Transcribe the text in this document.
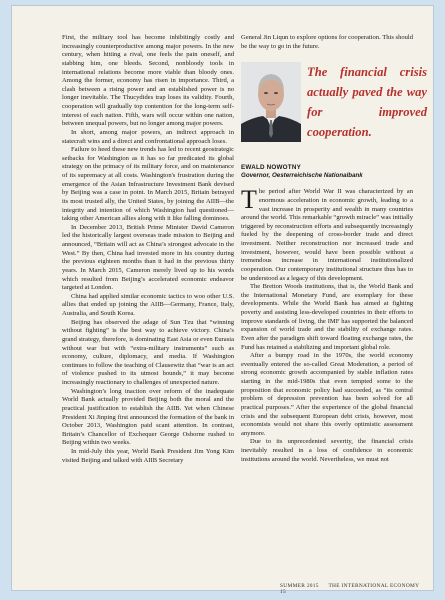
First, the military tool has become inhibitingly costly and increasingly counterproductive among major powers. In the new century, when hitting a rival, one feels the pain oneself, and stabbing him, one bleeds. Second, nonbloody tools in international relations become more viable than bloody ones. Among the former, economy has risen in importance. Third, a clash between a rising power and an established power is no longer inevitable. The Thucydides trap loses its validity. Fourth, cooperation will gradually top contention for the long-term self-interest of each nation. Fifth, wars will occur within one nation, between unequal powers, but no longer among major powers.

In short, among major powers, an indirect approach in statecraft wins and a direct and confrontational approach loses.

Failure to heed these new trends has led to recent geostrategic setbacks for Washington as it has so far predicated its global strategy on the primacy of its military force, and on maintenance of its supremacy at all costs. Washington's frustration during the emergence of the Asian Infrastructure Investment Bank devised by Beijing was a case in point. In March 2015, Britain betrayed its most trusted ally, the United States, by joining the AIIB—the integrity and intention of which Washington had questioned—taking other American allies along with it like falling dominoes.

In December 2013, British Prime Minister David Cameron led the historically largest overseas trade mission to Beijing and announced, “Britain will act as China’s strongest advocate in the West.” By then, China had invested more in his country during the previous eighteen months than it had in the previous thirty years. In March 2015, Cameron merely lived up to his words which resulted from Beijing’s accelerated economic endeavor targeted at London.

China had applied similar economic tactics to woo other U.S. allies that ended up joining the AIIB—Germany, France, Italy, Australia, and South Korea.

Beijing has observed the adage of Sun Tzu that “winning without fighting” is the best way to achieve victory. China’s grand strategy, therefore, is dominating East Asia or even Eurasia without war but with “extra-military instruments” such as economy, culture, diplomacy, and media. If Washington continues to follow the teaching of Clausewitz that “war is an act of violence pushed to its utmost bounds,” it may become increasingly reactionary to challenges of unexpected nature.

Washington’s long inaction over reform of the inadequate World Bank actually provided Beijing both the moral and the practical justification to establish the AIIB. Yet when Chinese President Xi Jinping first announced the formation of the bank in October 2013, Washington paid scant attention. In contrast, Britain’s Chancellor of Exchequer George Osborne rushed to Beijing within two weeks.

In mid-July this year, World Bank President Jim Yong Kim visited Beijing and talked with AIIB Secretary

General Jin Liqun to explore options for cooperation. This should be the way to go in the future.

The financial crisis actually paved the way for improved cooperation.
EWALD NOWOTNY
Governor, Oesterreichische Nationalbank

The period after World War II was characterized by an enormous acceleration in economic growth, leading to a vast increase in prosperity and wealth in many countries around the world. This remarkable “growth miracle” was initially triggered by reconstruction efforts and subsequently increasingly fueled by the deepening of cross-border trade and direct investment. Neither reconstruction nor increased trade and investment, however, would have been possible without a tremendous increase in international institutionalized cooperation. Our contemporary institutional structure thus has to be understood as a legacy of this development.

The Bretton Woods institutions, that is, the World Bank and the International Monetary Fund, are exemplary for these developments. While the World Bank has aimed at fighting poverty and assisting less-developed countries in their efforts to improve standards of living, the IMF has supported the balanced expansion of world trade and the stability of exchange rates. Even after the paradigm shift toward floating exchange rates, the Fund has retained a stabilizing and important global role.

After a bumpy road in the 1970s, the world economy eventually entered the so-called Great Moderation, a period of strong economic growth accompanied by stable inflation rates starting in the mid-1980s that even tempted some to the proposition that economic policy had succeeded, as “its central problem of depression prevention has been solved for all practical purposes.” After the experience of the global financial crisis and the subsequent European debt crisis, however, most economists would not share this overly optimistic assessment anymore.

Due to its unprecedented severity, the financial crisis inevitably resulted in a loss of confidence in economic institutions around the world. Nevertheless, we must not

SUMMER 2015 THE INTERNATIONAL ECONOMY 15
